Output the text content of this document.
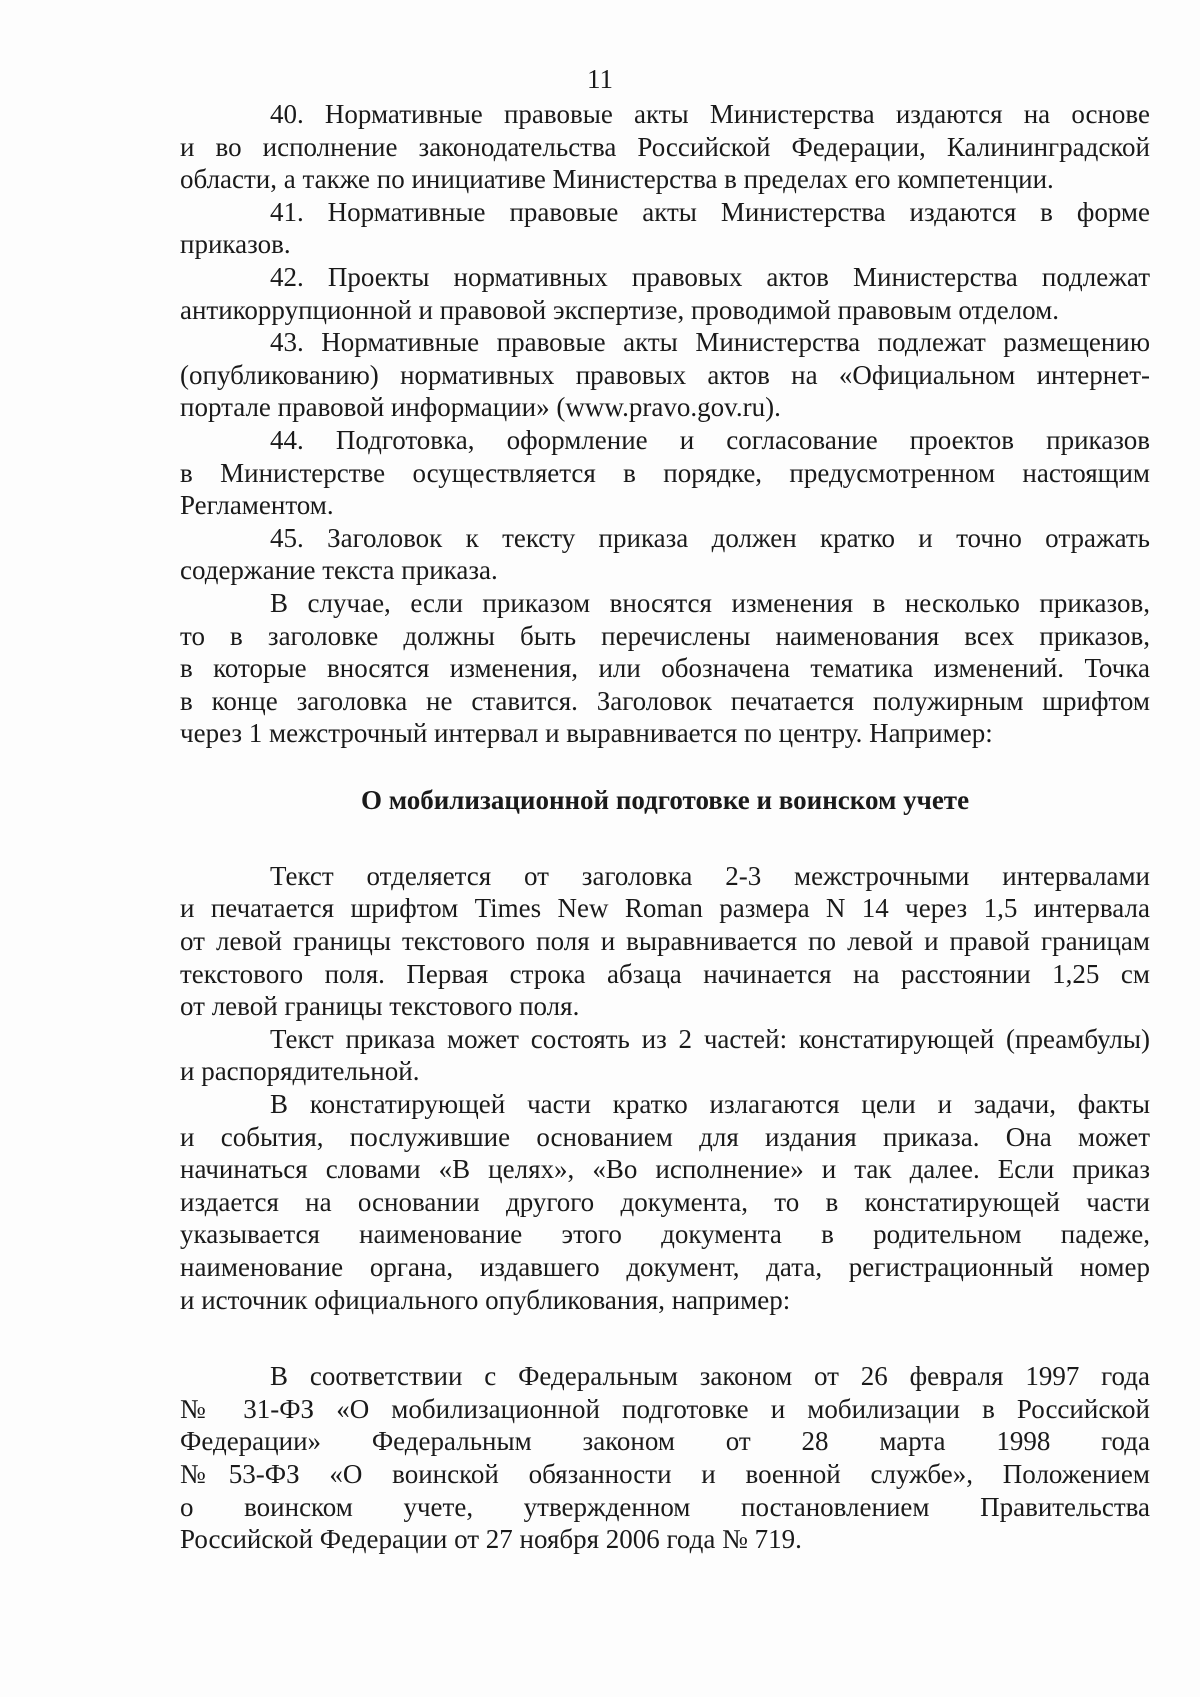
11
40. Нормативные правовые акты Министерства издаются на основе
и во исполнение законодательства Российской Федерации, Калининградской
области, а также по инициативе Министерства в пределах его компетенции.
41. Нормативные правовые акты Министерства издаются в форме
приказов.
42. Проекты нормативных правовых актов Министерства подлежат
антикоррупционной и правовой экспертизе, проводимой правовым отделом.
43. Нормативные правовые акты Министерства подлежат размещению
(опубликованию) нормативных правовых актов на «Официальном интернет-
портале правовой информации» (www.pravo.gov.ru).
44. Подготовка, оформление и согласование проектов приказов
в Министерстве осуществляется в порядке, предусмотренном настоящим
Регламентом.
45. Заголовок к тексту приказа должен кратко и точно отражать
содержание текста приказа.
В случае, если приказом вносятся изменения в несколько приказов,
то в заголовке должны быть перечислены наименования всех приказов,
в которые вносятся изменения, или обозначена тематика изменений. Точка
в конце заголовка не ставится. Заголовок печатается полужирным шрифтом
через 1 межстрочный интервал и выравнивается по центру. Например:

О мобилизационной подготовке и воинском учете

Текст отделяется от заголовка 2-3 межстрочными интервалами
и печатается шрифтом Times New Roman размера N 14 через 1,5 интервала
от левой границы текстового поля и выравнивается по левой и правой границам
текстового поля. Первая строка абзаца начинается на расстоянии 1,25 см
от левой границы текстового поля.
Текст приказа может состоять из 2 частей: констатирующей (преамбулы)
и распорядительной.
В констатирующей части кратко излагаются цели и задачи, факты
и события, послужившие основанием для издания приказа. Она может
начинаться словами «В целях», «Во исполнение» и так далее. Если приказ
издается на основании другого документа, то в констатирующей части
указывается наименование этого документа в родительном падеже,
наименование органа, издавшего документ, дата, регистрационный номер
и источник официального опубликования, например:
В соответствии с Федеральным законом от 26 февраля 1997 года
№ 31-ФЗ «О мобилизационной подготовке и мобилизации в Российской
Федерации» Федеральным законом от 28 марта 1998 года
№53-ФЗ «О воинской обязанности и военной службе», Положением
о воинском учете, утвержденном постановлением Правительства
Российской Федерации от 27 ноября 2006 года № 719.
